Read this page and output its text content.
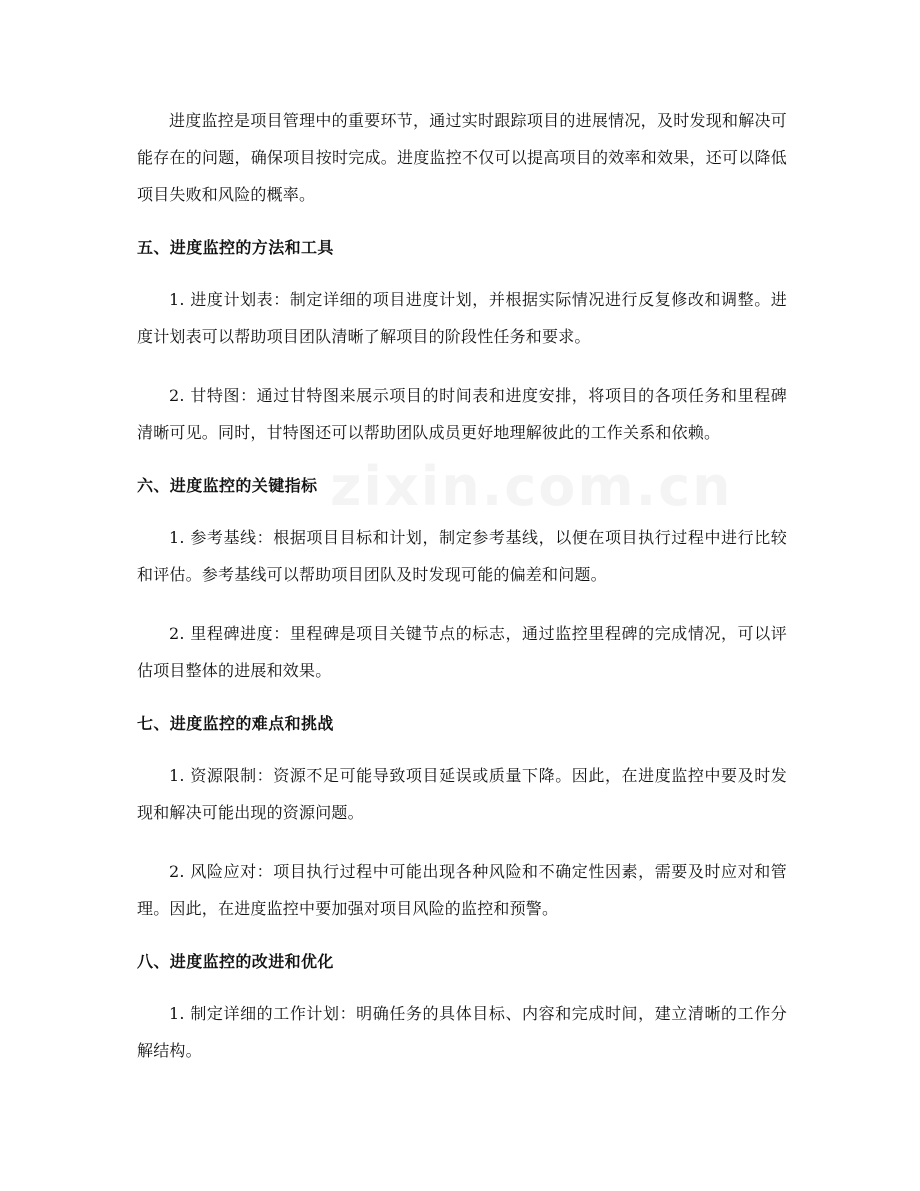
进度监控是项目管理中的重要环节，通过实时跟踪项目的进展情况，及时发现和解决可能存在的问题，确保项目按时完成。进度监控不仅可以提高项目的效率和效果，还可以降低项目失败和风险的概率。

五、进度监控的方法和工具

1. 进度计划表：制定详细的项目进度计划，并根据实际情况进行反复修改和调整。进度计划表可以帮助项目团队清晰了解项目的阶段性任务和要求。

2. 甘特图：通过甘特图来展示项目的时间表和进度安排，将项目的各项任务和里程碑清晰可见。同时，甘特图还可以帮助团队成员更好地理解彼此的工作关系和依赖。

六、进度监控的关键指标

1. 参考基线：根据项目目标和计划，制定参考基线，以便在项目执行过程中进行比较和评估。参考基线可以帮助项目团队及时发现可能的偏差和问题。

2. 里程碑进度：里程碑是项目关键节点的标志，通过监控里程碑的完成情况，可以评估项目整体的进展和效果。

七、进度监控的难点和挑战

1. 资源限制：资源不足可能导致项目延误或质量下降。因此，在进度监控中要及时发现和解决可能出现的资源问题。

2. 风险应对：项目执行过程中可能出现各种风险和不确定性因素，需要及时应对和管理。因此，在进度监控中要加强对项目风险的监控和预警。

八、进度监控的改进和优化

1. 制定详细的工作计划：明确任务的具体目标、内容和完成时间，建立清晰的工作分解结构。
